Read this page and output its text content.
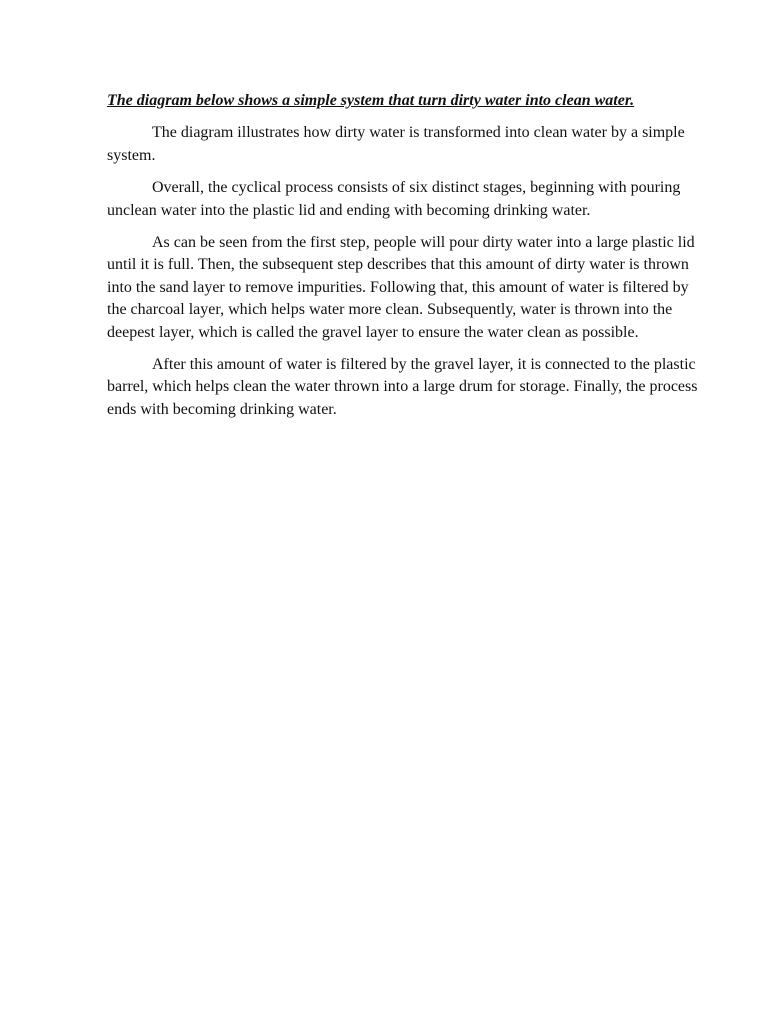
The diagram below shows a simple system that turn dirty water into clean water.

The diagram illustrates how dirty water is transformed into clean water by a simple system.

Overall, the cyclical process consists of six distinct stages, beginning with pouring unclean water into the plastic lid and ending with becoming drinking water.

As can be seen from the first step, people will pour dirty water into a large plastic lid until it is full. Then, the subsequent step describes that this amount of dirty water is thrown into the sand layer to remove impurities. Following that, this amount of water is filtered by the charcoal layer, which helps water more clean. Subsequently, water is thrown into the deepest layer, which is called the gravel layer to ensure the water clean as possible.

After this amount of water is filtered by the gravel layer, it is connected to the plastic barrel, which helps clean the water thrown into a large drum for storage. Finally, the process ends with becoming drinking water.
